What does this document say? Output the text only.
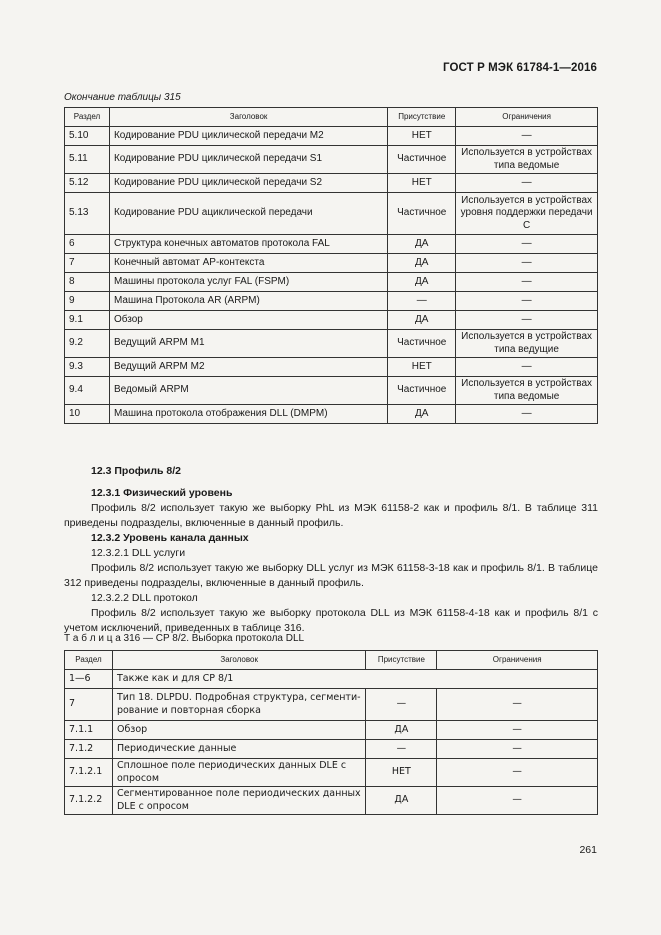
ГОСТ Р МЭК 61784-1—2016
Окончание таблицы 315
Раздел	Заголовок	Присутствие	Ограничения
5.10	Кодирование PDU циклической передачи M2	НЕТ	—
5.11	Кодирование PDU циклической передачи S1	Частичное	Используется в устройствах типа ведомые
5.12	Кодирование PDU циклической передачи S2	НЕТ	—
5.13	Кодирование PDU ациклической передачи	Частичное	Используется в устройствах уровня поддержки передачи C
6	Структура конечных автоматов протокола FAL	ДА	—
7	Конечный автомат AP-контекста	ДА	—
8	Машины протокола услуг FAL (FSPM)	ДА	—
9	Машина Протокола AR (ARPM)	—	—
9.1	Обзор	ДА	—
9.2	Ведущий ARPM M1	Частичное	Используется в устройствах типа ведущие
9.3	Ведущий ARPM M2	НЕТ	—
9.4	Ведомый ARPM	Частичное	Используется в устройствах типа ведомые
10	Машина протокола отображения DLL (DMPM)	ДА	—

12.3 Профиль 8/2

12.3.1 Физический уровень

Профиль 8/2 использует такую же выборку PhL из МЭК 61158-2 как и профиль 8/1. В таблице 311 приведены подразделы, включенные в данный профиль.

12.3.2 Уровень канала данных

12.3.2.1 DLL услуги

Профиль 8/2 использует такую же выборку DLL услуг из МЭК 61158-3-18 как и профиль 8/1. В таблице 312 приведены подразделы, включенные в данный профиль.

12.3.2.2 DLL протокол

Профиль 8/2 использует такую же выборку протокола DLL из МЭК 61158-4-18 как и профиль 8/1 с учетом исключений, приведенных в таблице 316.

Т а б л и ц а 316 — CP 8/2. Выборка протокола DLL
Раздел	Заголовок	Присутствие	Ограничения
1—6	Также как и для CP 8/1		
7	Тип 18. DLPDU. Подробная структура, сегменти-рование и повторная сборка	—	—
7.1.1	Обзор	ДА	—
7.1.2	Периодические данные	—	—
7.1.2.1	Сплошное поле периодических данных DLE с опросом	НЕТ	—
7.1.2.2	Сегментированное поле периодических данных DLE с опросом	ДА	—
261
